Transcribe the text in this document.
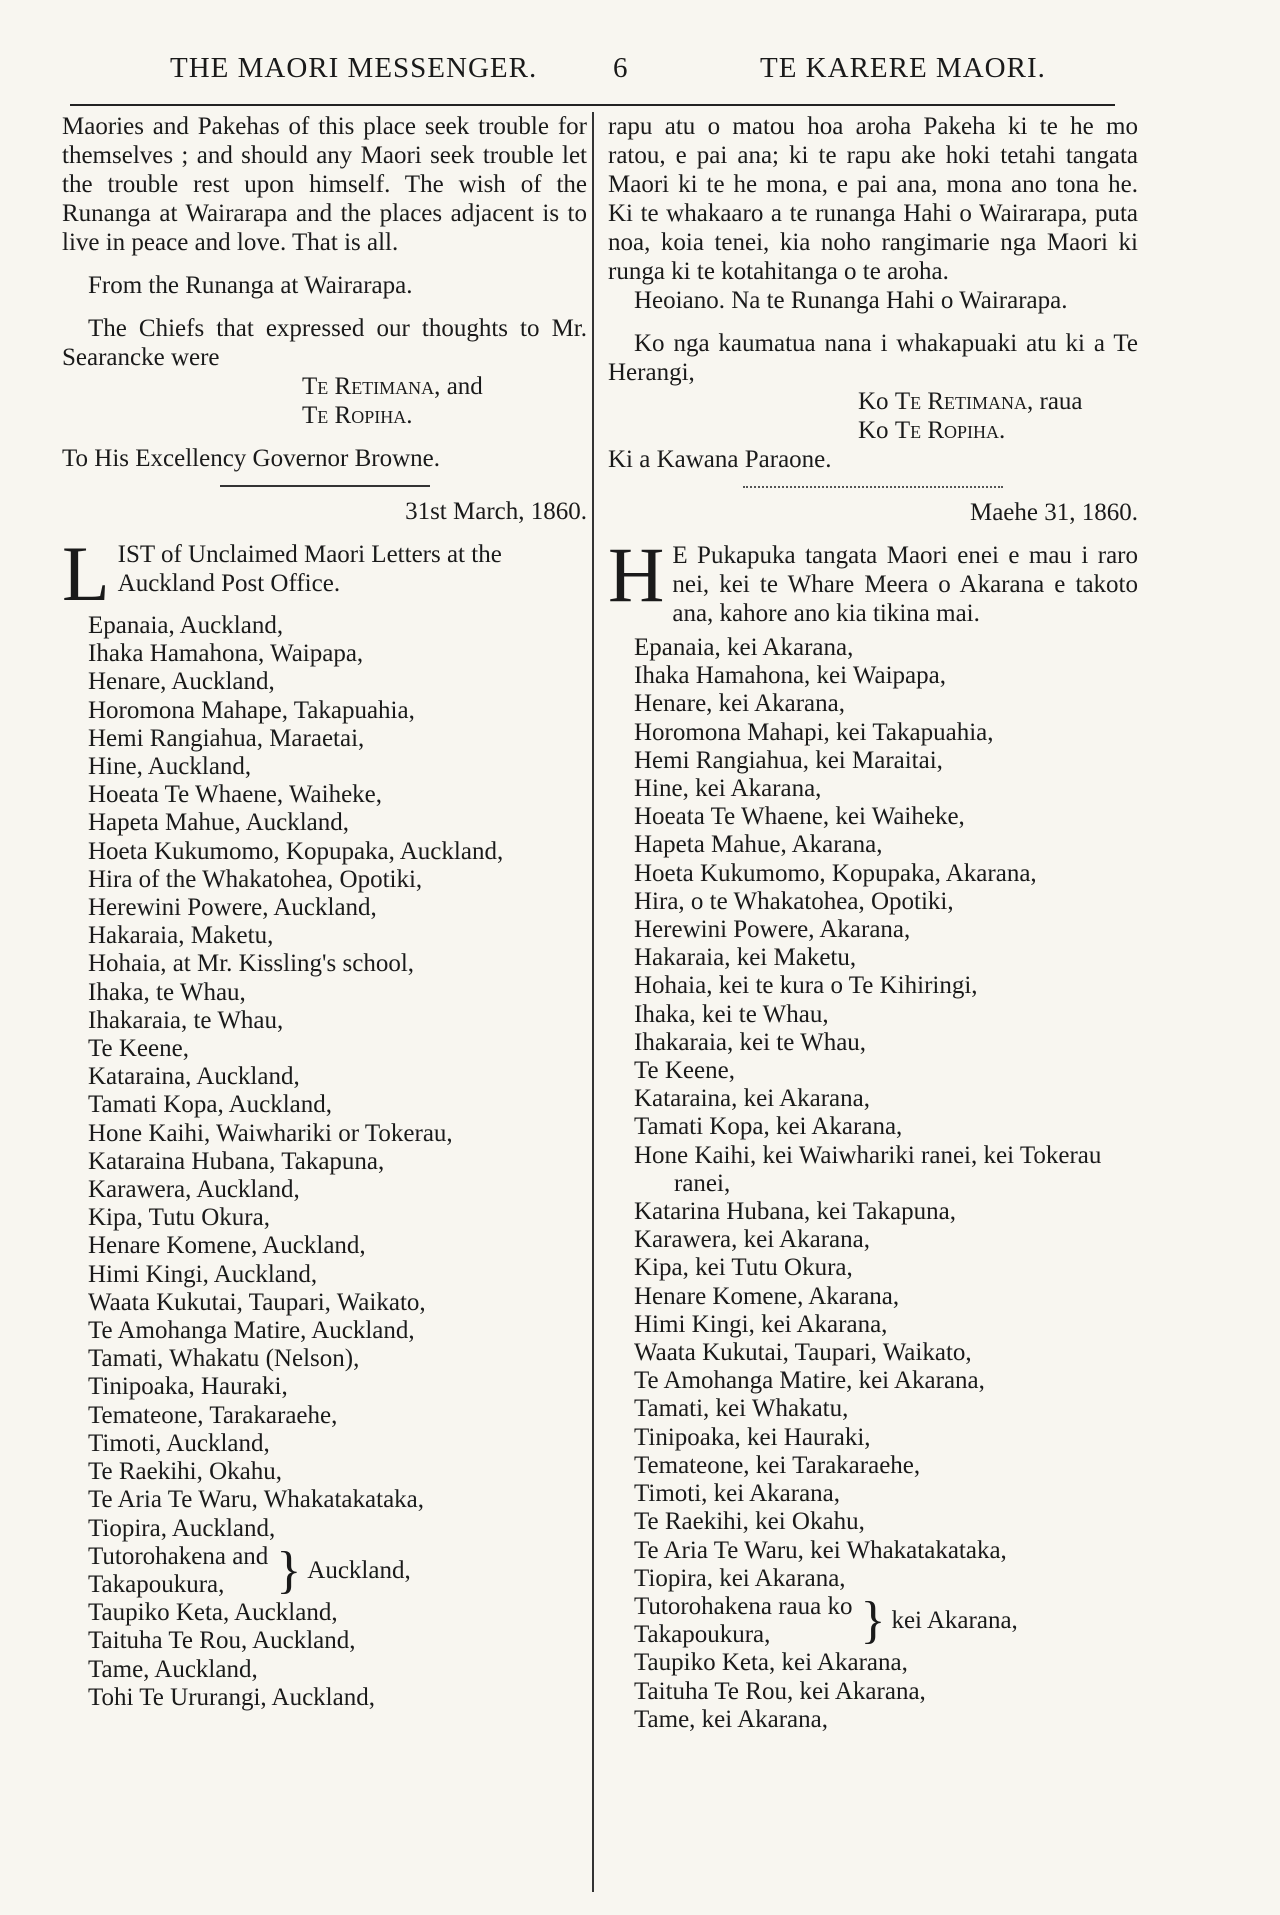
THE MAORI MESSENGER.	6	TE KARERE MAORI.

Maories and Pakehas of this place seek trouble for themselves ; and should any Maori seek trouble let the trouble rest upon himself. The wish of the Runanga at Wairarapa and the places adjacent is to live in peace and love. That is all.

From the Runanga at Wairarapa.

The Chiefs that expressed our thoughts to Mr. Searancke were

Te Retimana, and

Te Ropiha.

To His Excellency Governor Browne.

31st March, 1860.

LIST of Unclaimed Maori Letters at the Auckland Post Office.

Epanaia, Auckland,
Ihaka Hamahona, Waipapa,
Henare, Auckland,
Horomona Mahape, Takapuahia,
Hemi Rangiahua, Maraetai,
Hine, Auckland,
Hoeata Te Whaene, Waiheke,
Hapeta Mahue, Auckland,
Hoeta Kukumomo, Kopupaka, Auckland,
Hira of the Whakatohea, Opotiki,
Herewini Powere, Auckland,
Hakaraia, Maketu,
Hohaia, at Mr. Kissling's school,
Ihaka, te Whau,
Ihakaraia, te Whau,
Te Keene,
Kataraina, Auckland,
Tamati Kopa, Auckland,
Hone Kaihi, Waiwhariki or Tokerau,
Kataraina Hubana, Takapuna,
Karawera, Auckland,
Kipa, Tutu Okura,
Henare Komene, Auckland,
Himi Kingi, Auckland,
Waata Kukutai, Taupari, Waikato,
Te Amohanga Matire, Auckland,
Tamati, Whakatu (Nelson),
Tinipoaka, Hauraki,
Temateone, Tarakaraehe,
Timoti, Auckland,
Te Raekihi, Okahu,
Te Aria Te Waru, Whakatakataka,
Tiopira, Auckland,
Tutorohakena and
Takapoukura, } Auckland,
Taupiko Keta, Auckland,
Taituha Te Rou, Auckland,
Tame, Auckland,
Tohi Te Ururangi, Auckland,

rapu atu o matou hoa aroha Pakeha ki te he mo ratou, e pai ana; ki te rapu ake hoki tetahi tangata Maori ki te he mona, e pai ana, mona ano tona he. Ki te whakaaro a te runanga Hahi o Wairarapa, puta noa, koia tenei, kia noho rangimarie nga Maori ki runga ki te kotahitanga o te aroha.

Heoiano. Na te Runanga Hahi o Wairarapa.

Ko nga kaumatua nana i whakapuaki atu ki a Te Herangi,

Ko Te Retimana, raua

Ko Te Ropiha.

Ki a Kawana Paraone.

Maehe 31, 1860.

H E Pukapuka tangata Maori enei e mau i raro nei, kei te Whare Meera o Akarana e takoto ana, kahore ano kia tikina mai.

Epanaia, kei Akarana,
Ihaka Hamahona, kei Waipapa,
Henare, kei Akarana,
Horomona Mahapi, kei Takapuahia,
Hemi Rangiahua, kei Maraitai,
Hine, kei Akarana,
Hoeata Te Whaene, kei Waiheke,
Hapeta Mahue, Akarana,
Hoeta Kukumomo, Kopupaka, Akarana,
Hira, o te Whakatohea, Opotiki,
Herewini Powere, Akarana,
Hakaraia, kei Maketu,
Hohaia, kei te kura o Te Kihiringi,
Ihaka, kei te Whau,
Ihakaraia, kei te Whau,
Te Keene,
Kataraina, kei Akarana,
Tamati Kopa, kei Akarana,
Hone Kaihi, kei Waiwhariki ranei, kei Tokerau ranei,
Katarina Hubana, kei Takapuna,
Karawera, kei Akarana,
Kipa, kei Tutu Okura,
Henare Komene, Akarana,
Himi Kingi, kei Akarana,
Waata Kukutai, Taupari, Waikato,
Te Amohanga Matire, kei Akarana,
Tamati, kei Whakatu,
Tinipoaka, kei Hauraki,
Temateone, kei Tarakaraehe,
Timoti, kei Akarana,
Te Raekihi, kei Okahu,
Te Aria Te Waru, kei Whakatakataka,
Tiopira, kei Akarana,
Tutorohakena raua ko
Takapoukura,	} kei Akarana,
Taupiko Keta, kei Akarana,
Taituha Te Rou, kei Akarana,
Tame, kei Akarana,
